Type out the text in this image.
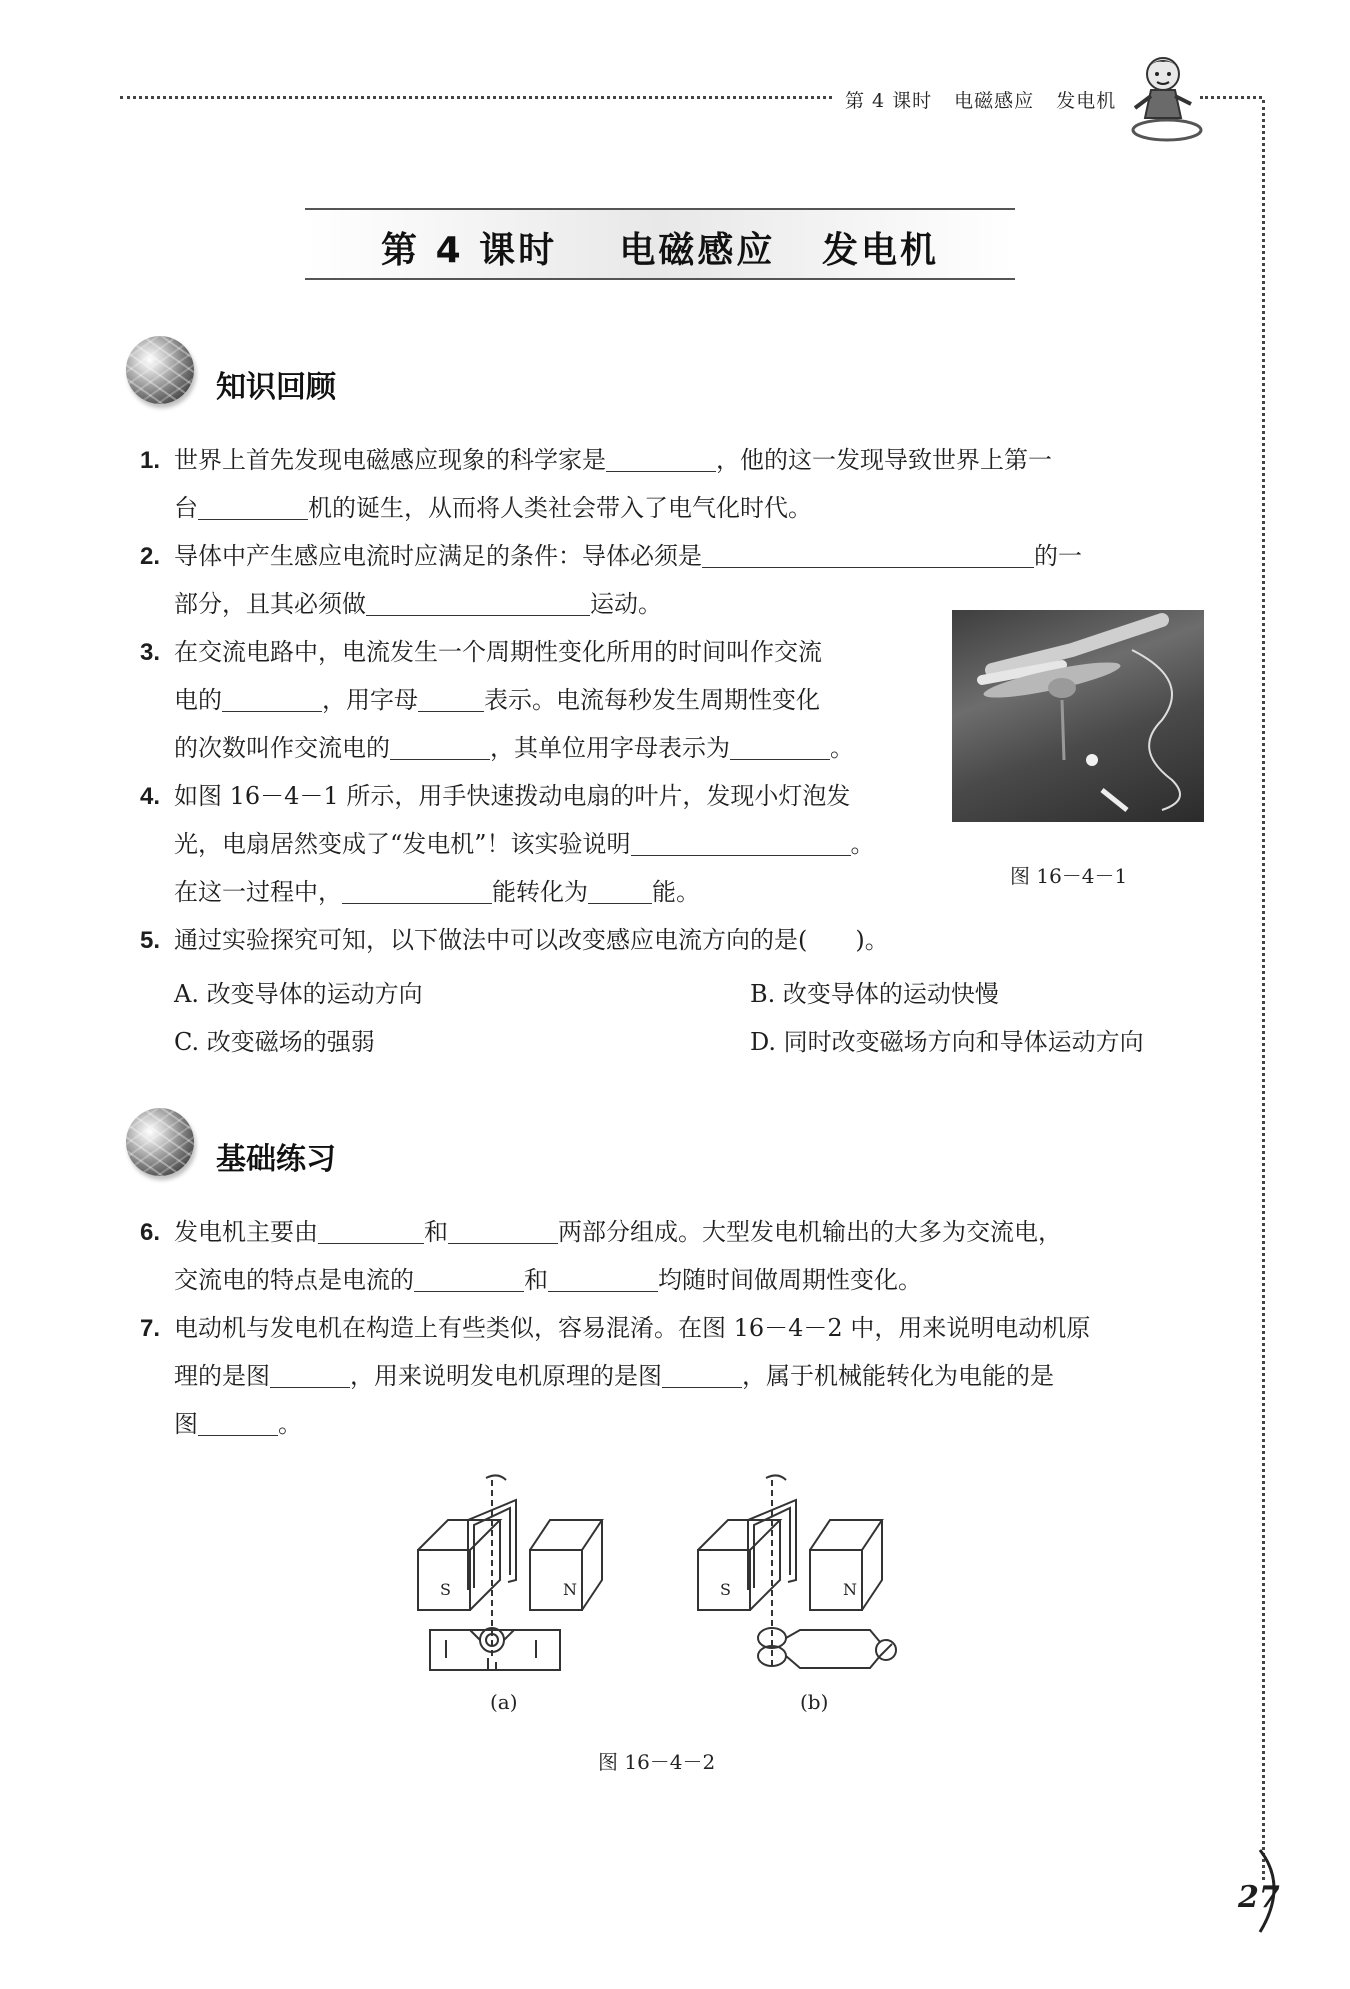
第 4 课时 电磁感应 发电机
第 4 课时 电磁感应 发电机
知识回顾
1. 世界上首先发现电磁感应现象的科学家是	，他的这一发现导致世界上第一
台	机的诞生，从而将人类社会带入了电气化时代。
2. 导体中产生感应电流时应满足的条件：导体必须是	的一
部分，且其必须做	运动。
3. 在交流电路中，电流发生一个周期性变化所用的时间叫作交流
电的	，用字母	表示。电流每秒发生周期性变化
的次数叫作交流电的	，其单位用字母表示为	。
4. 如图 16－4－1 所示，用手快速拨动电扇的叶片，发现小灯泡发
光，电扇居然变成了“发电机”！该实验说明	。
在这一过程中，	能转化为	能。
图 16－4－1
5. 通过实验探究可知，以下做法中可以改变感应电流方向的是(　　)。
A. 改变导体的运动方向	B. 改变导体的运动快慢
C. 改变磁场的强弱	D. 同时改变磁场方向和导体运动方向
基础练习
6. 发电机主要由	和	两部分组成。大型发电机输出的大多为交流电，
交流电的特点是电流的	和	均随时间做周期性变化。
7. 电动机与发电机在构造上有些类似，容易混淆。在图 16－4－2 中，用来说明电动机原
理的是图	，用来说明发电机原理的是图	，属于机械能转化为电能的是
图	。
S	N	S	N
(a)	(b)
图 16－4－2
27
